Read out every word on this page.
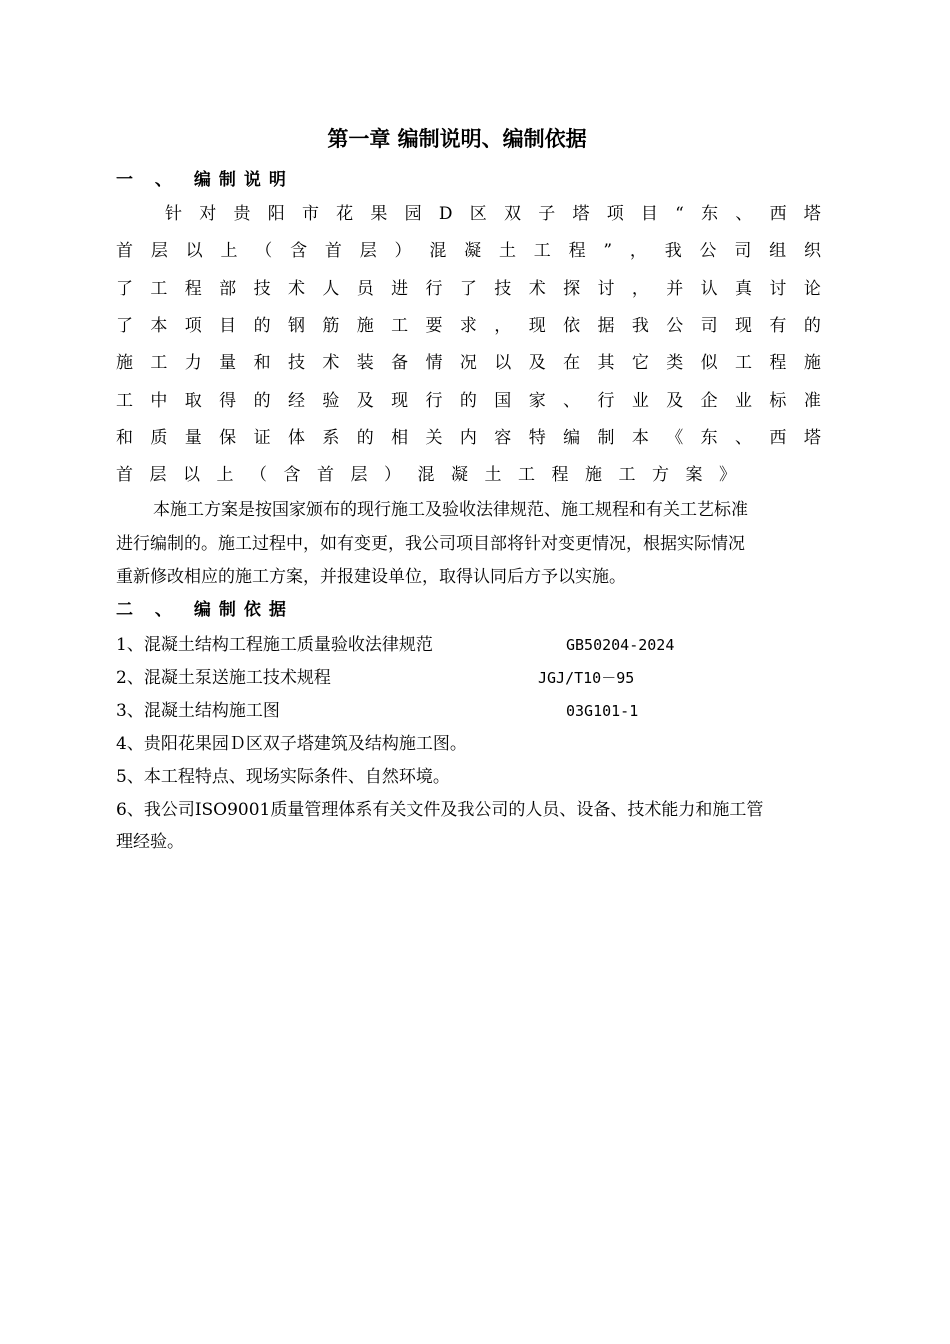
第一章 编制说明、编制依据
一 、 编制说明
针 对 贵 阳 市 花 果 园 D 区 双 子 塔 项 目 “ 东 、 西 塔
首 层 以 上 （ 含 首 层 ） 混 凝 土 工 程 ” ， 我 公 司 组 织
了 工 程 部 技 术 人 员 进 行 了 技 术 探 讨 ， 并 认 真 讨 论
了 本 项 目 的 钢 筋 施 工 要 求 ， 现 依 据 我 公 司 现 有 的
施 工 力 量 和 技 术 装 备 情 况 以 及 在 其 它 类 似 工 程 施
工 中 取 得 的 经 验 及 现 行 的 国 家 、 行 业 及 企 业 标 准
和 质 量 保 证 体 系 的 相 关 内 容 特 编 制 本 《 东 、 西 塔
首 层 以 上 （ 含 首 层 ） 混 凝 土 工 程 施 工 方 案 》
本施工方案是按国家颁布的现行施工及验收法律规范、施工规程和有关工艺标准
进行编制的。施工过程中，如有变更，我公司项目部将针对变更情况，根据实际情况
重新修改相应的施工方案，并报建设单位，取得认同后方予以实施。
二 、 编制依据
1、混凝土结构工程施工质量验收法律规范	GB50204-2024
2、混凝土泵送施工技术规程	JGJ/T10－95
3、混凝土结构施工图	03G101-1
4、贵阳花果园Ｄ区双子塔建筑及结构施工图。
5、本工程特点、现场实际条件、自然环境。
6、我公司ISO9001质量管理体系有关文件及我公司的人员、设备、技术能力和施工管
理经验。
